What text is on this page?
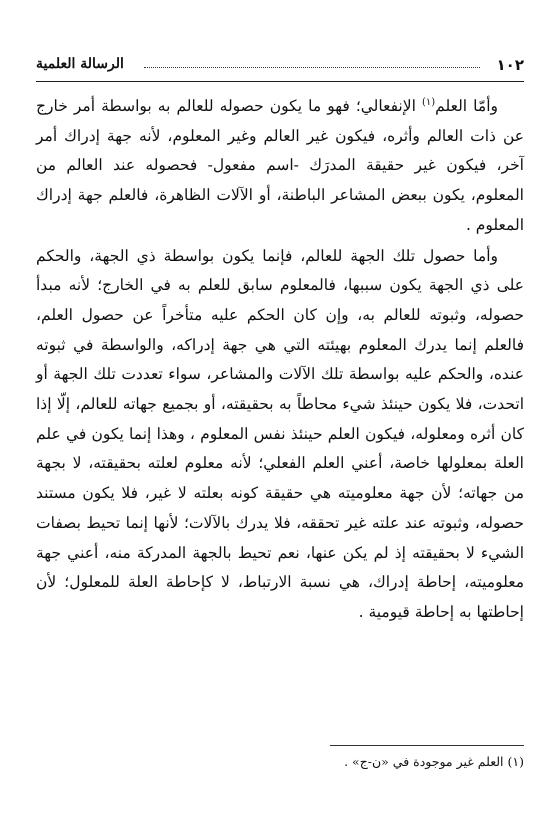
١٠٢
الرسالة العلمية

وأمّا العلم$^{(١)}$ الإنفعالي؛ فهو ما يكون حصوله للعالم به بواسطة أمر خارج عن ذات العالم وأثره، فيكون غير العالم وغير المعلوم، لأنه جهة إدراك أمر آخر، فيكون غير حقيقة المدرَك -اسم مفعول- فحصوله عند العالم من المعلوم، يكون ببعض المشاعر الباطنة، أو الآلات الظاهرة، فالعلم جهة إدراك المعلوم .

وأما حصول تلك الجهة للعالم، فإنما يكون بواسطة ذي الجهة، والحكم على ذي الجهة يكون سببها، فالمعلوم سابق للعلم به في الخارج؛ لأنه مبدأ حصوله، وثبوته للعالم به، وإن كان الحكم عليه متأخراً عن حصول العلم، فالعلم إنما يدرك المعلوم بهيئته التي هي جهة إدراكه، والواسطة في ثبوته عنده، والحكم عليه بواسطة تلك الآلات والمشاعر، سواء تعددت تلك الجهة أو اتحدت، فلا يكون حينئذ شيء محاطاً به بحقيقته، أو بجميع جهاته للعالم، إلّا إذا كان أثره ومعلوله، فيكون العلم حينئذ نفس المعلوم ، وهذا إنما يكون في علم العلة بمعلولها خاصة، أعني العلم الفعلي؛ لأنه معلوم لعلته بحقيقته، لا بجهة من جهاته؛ لأن جهة معلوميته هي حقيقة كونه بعلته لا غير، فلا يكون مستند حصوله، وثبوته عند علته غير تحققه، فلا يدرك بالآلات؛ لأنها إنما تحيط بصفات الشيء لا بحقيقته إذ لم يكن عنها، نعم تحيط بالجهة المدركة منه، أعني جهة معلوميته، إحاطة إدراك، هي نسبة الارتباط، لا كإحاطة العلة للمعلول؛ لأن إحاطتها به إحاطة قيومية .

(١) العلم غير موجودة في «ن-ج» .
